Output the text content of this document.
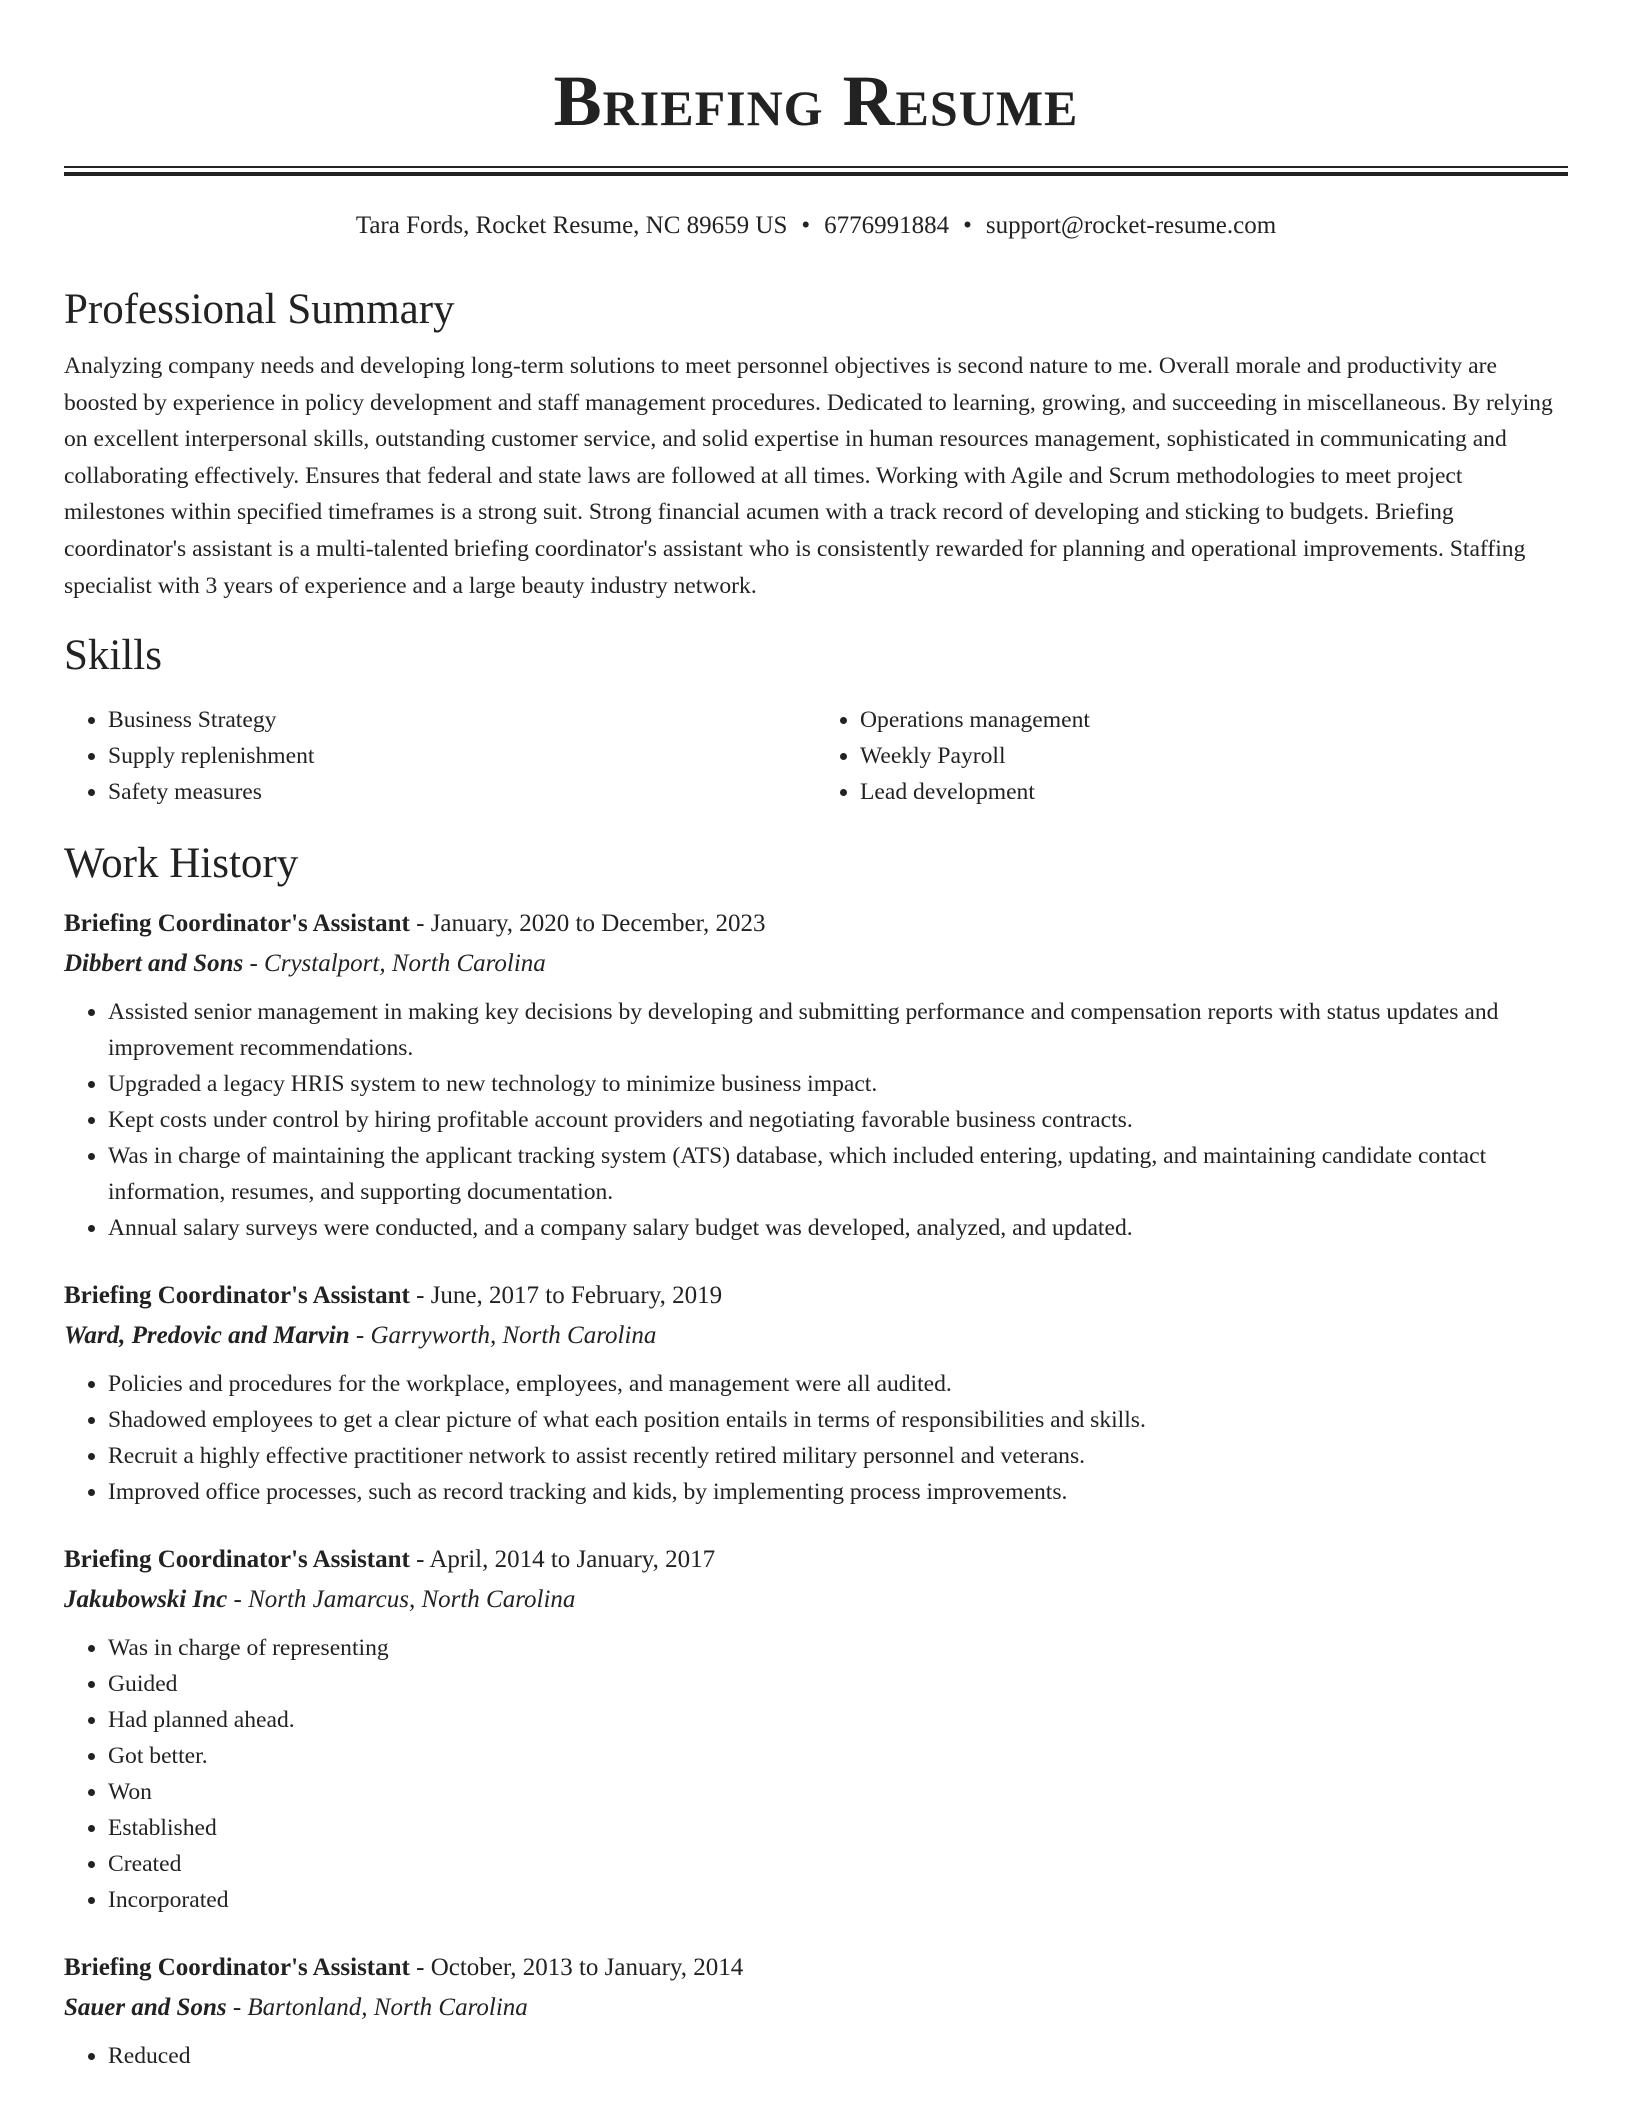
Briefing Resume
Tara Fords, Rocket Resume, NC 89659 US • 6776991884 • support@rocket-resume.com
Professional Summary

Analyzing company needs and developing long-term solutions to meet personnel objectives is second nature to me. Overall morale and productivity are boosted by experience in policy development and staff management procedures. Dedicated to learning, growing, and succeeding in miscellaneous. By relying on excellent interpersonal skills, outstanding customer service, and solid expertise in human resources management, sophisticated in communicating and collaborating effectively. Ensures that federal and state laws are followed at all times. Working with Agile and Scrum methodologies to meet project milestones within specified timeframes is a strong suit. Strong financial acumen with a track record of developing and sticking to budgets. Briefing coordinator's assistant is a multi-talented briefing coordinator's assistant who is consistently rewarded for planning and operational improvements. Staffing specialist with 3 years of experience and a large beauty industry network.

Skills
• Business Strategy
• Supply replenishment
• Safety measures
• Operations management
• Weekly Payroll
• Lead development
Work History
Briefing Coordinator's Assistant - January, 2020 to December, 2023
Dibbert and Sons - Crystalport, North Carolina
• Assisted senior management in making key decisions by developing and submitting performance and compensation reports with status updates and improvement recommendations.
• Upgraded a legacy HRIS system to new technology to minimize business impact.
• Kept costs under control by hiring profitable account providers and negotiating favorable business contracts.
• Was in charge of maintaining the applicant tracking system (ATS) database, which included entering, updating, and maintaining candidate contact information, resumes, and supporting documentation.
• Annual salary surveys were conducted, and a company salary budget was developed, analyzed, and updated.
Briefing Coordinator's Assistant - June, 2017 to February, 2019
Ward, Predovic and Marvin - Garryworth, North Carolina
• Policies and procedures for the workplace, employees, and management were all audited.
• Shadowed employees to get a clear picture of what each position entails in terms of responsibilities and skills.
• Recruit a highly effective practitioner network to assist recently retired military personnel and veterans.
• Improved office processes, such as record tracking and kids, by implementing process improvements.
Briefing Coordinator's Assistant - April, 2014 to January, 2017
Jakubowski Inc - North Jamarcus, North Carolina
• Was in charge of representing
• Guided
• Had planned ahead.
• Got better.
• Won
• Established
• Created
• Incorporated
Briefing Coordinator's Assistant - October, 2013 to January, 2014
Sauer and Sons - Bartonland, North Carolina
• Reduced
